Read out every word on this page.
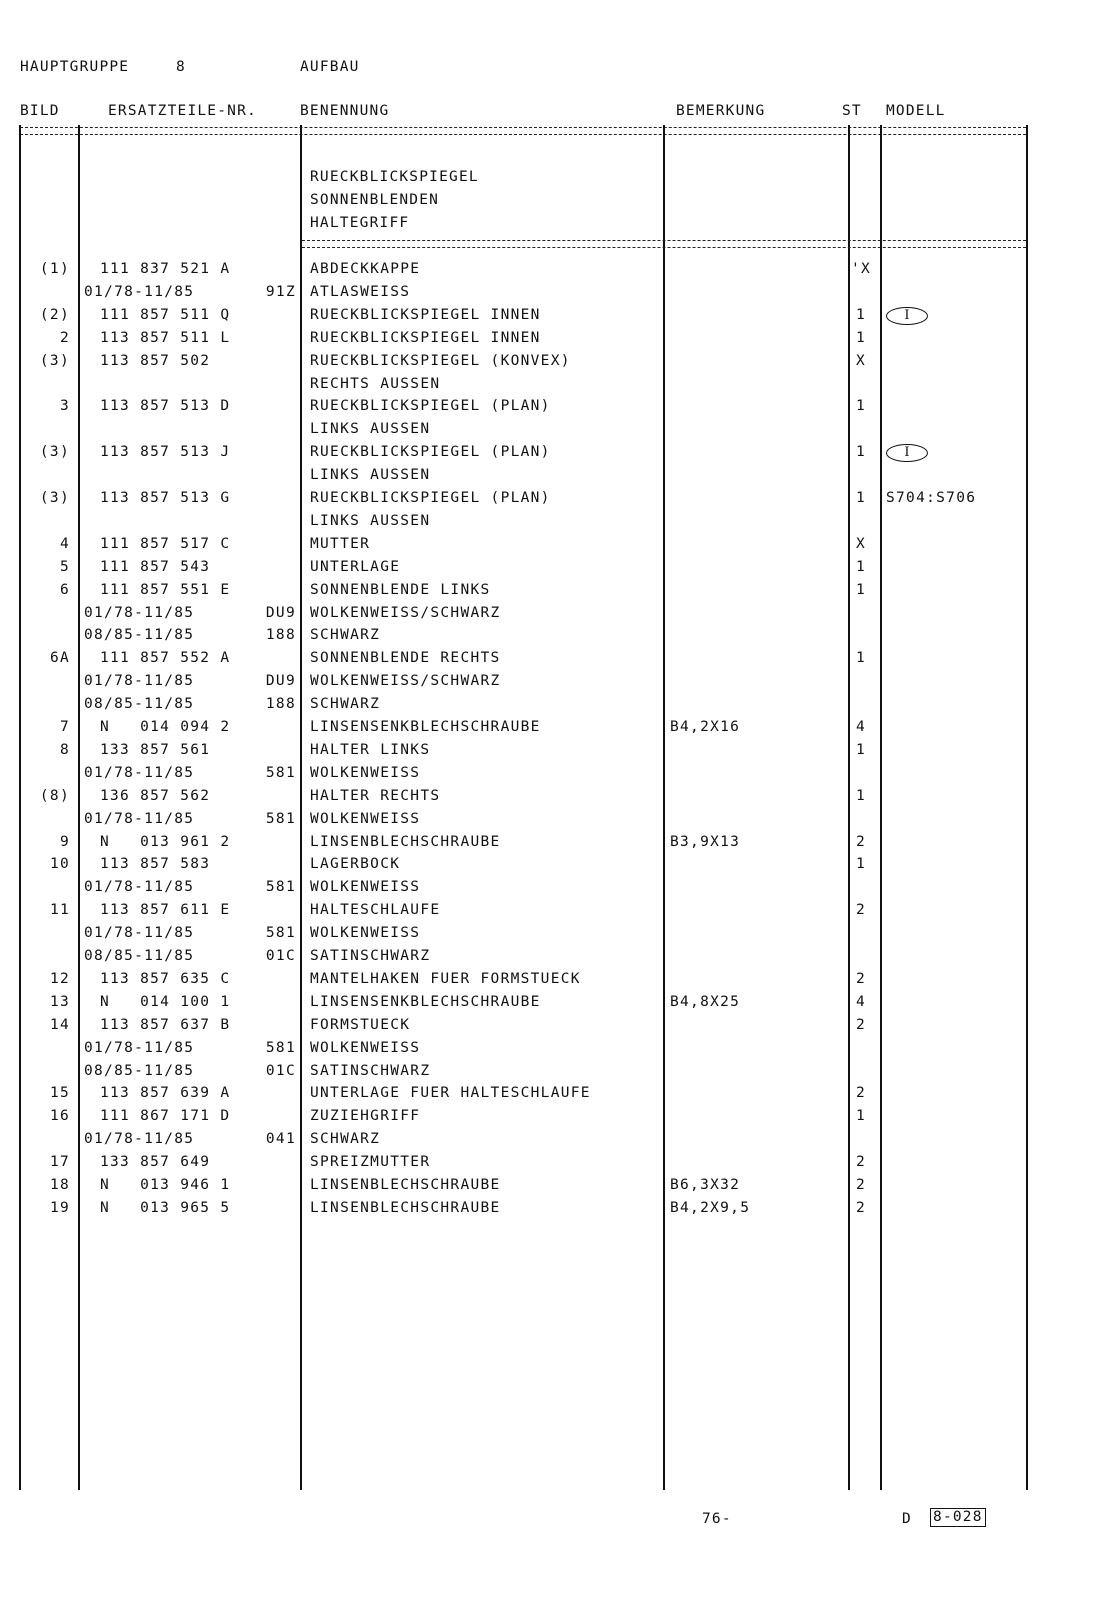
HAUPTGRUPPE	8	AUFBAU
BILD	ERSATZTEILE-NR.	BENENNUNG	BEMERKUNG	ST MODELL
RUECKBLICKSPIEGEL
SONNENBLENDEN
HALTEGRIFF
(1) 111 837 521 A	ABDECKKAPPE	'X
01/78-11/85	91Z ATLASWEISS
(2) 111 857 511 Q	RUECKBLICKSPIEGEL INNEN	1	I
2 113 857 511 L	RUECKBLICKSPIEGEL INNEN	1
(3) 113 857 502	RUECKBLICKSPIEGEL (KONVEX)	X
RECHTS AUSSEN
3 113 857 513 D	RUECKBLICKSPIEGEL (PLAN)	1
LINKS AUSSEN
(3) 113 857 513 J	RUECKBLICKSPIEGEL (PLAN)	1	I
LINKS AUSSEN
(3) 113 857 513 G	RUECKBLICKSPIEGEL (PLAN)	1	S704:S706
LINKS AUSSEN
4 111 857 517 C	MUTTER	X
5 111 857 543	UNTERLAGE	1
6 111 857 551 E	SONNENBLENDE LINKS	1
01/78-11/85	DU9 WOLKENWEISS/SCHWARZ
08/85-11/85	188 SCHWARZ
6A 111 857 552 A	SONNENBLENDE RECHTS	1
01/78-11/85	DU9 WOLKENWEISS/SCHWARZ
08/85-11/85	188 SCHWARZ
7 N   014 094 2	LINSENSENKBLECHSCHRAUBE	B4,2X16	4
8 133 857 561	HALTER LINKS	1
01/78-11/85	581 WOLKENWEISS
(8) 136 857 562	HALTER RECHTS	1
01/78-11/85	581 WOLKENWEISS
9 N   013 961 2	LINSENBLECHSCHRAUBE	B3,9X13	2
10 113 857 583	LAGERBOCK	1
01/78-11/85	581 WOLKENWEISS
11 113 857 611 E	HALTESCHLAUFE	2
01/78-11/85	581 WOLKENWEISS
08/85-11/85	01C SATINSCHWARZ
12 113 857 635 C	MANTELHAKEN FUER FORMSTUECK	2
13 N   014 100 1	LINSENSENKBLECHSCHRAUBE	B4,8X25	4
14 113 857 637 B	FORMSTUECK	2
01/78-11/85	581 WOLKENWEISS
08/85-11/85	01C SATINSCHWARZ
15 113 857 639 A	UNTERLAGE FUER HALTESCHLAUFE	2
16 111 867 171 D	ZUZIEHGRIFF	1
01/78-11/85	041 SCHWARZ
17 133 857 649	SPREIZMUTTER	2
18 N   013 946 1	LINSENBLECHSCHRAUBE	B6,3X32	2
19 N   013 965 5	LINSENBLECHSCHRAUBE	B4,2X9,5	2
76-	D 8-028
